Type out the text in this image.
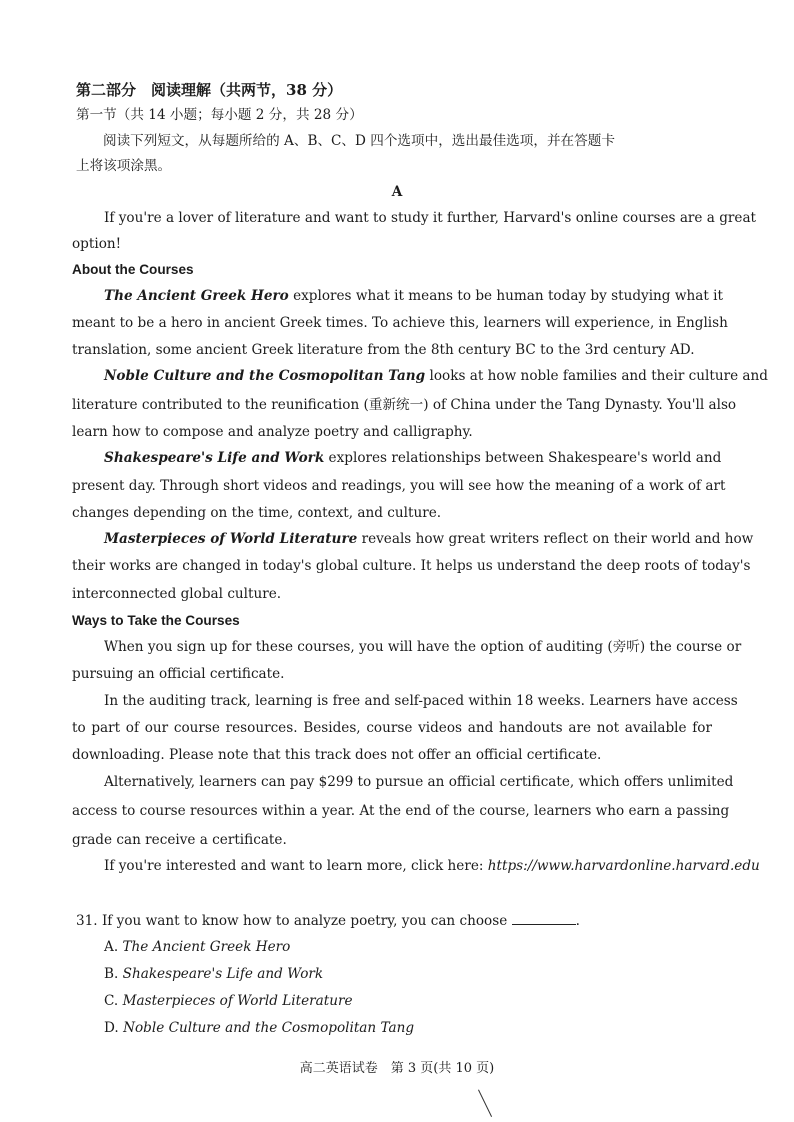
第二部分　阅读理解（共两节，38 分）
第一节（共 14 小题；每小题 2 分，共 28 分）
阅读下列短文，从每题所给的 A、B、C、D 四个选项中，选出最佳选项，并在答题卡
上将该项涂黑。
A
If you're a lover of literature and want to study it further, Harvard's online courses are a great
option!
About the Courses
The Ancient Greek Hero explores what it means to be human today by studying what it
meant to be a hero in ancient Greek times. To achieve this, learners will experience, in English
translation, some ancient Greek literature from the 8th century BC to the 3rd century AD.
Noble Culture and the Cosmopolitan Tang looks at how noble families and their culture and
literature contributed to the reunification (重新统一) of China under the Tang Dynasty. You'll also
learn how to compose and analyze poetry and calligraphy.
Shakespeare's Life and Work explores relationships between Shakespeare's world and
present day. Through short videos and readings, you will see how the meaning of a work of art
changes depending on the time, context, and culture.
Masterpieces of World Literature reveals how great writers reflect on their world and how
their works are changed in today's global culture. It helps us understand the deep roots of today's
interconnected global culture.
Ways to Take the Courses
When you sign up for these courses, you will have the option of auditing (旁听) the course or
pursuing an official certificate.
In the auditing track, learning is free and self-paced within 18 weeks. Learners have access
to part of our course resources. Besides, course videos and handouts are not available for
downloading. Please note that this track does not offer an official certificate.
Alternatively, learners can pay $299 to pursue an official certificate, which offers unlimited
access to course resources within a year. At the end of the course, learners who earn a passing
grade can receive a certificate.
If you're interested and want to learn more, click here: https://www.harvardonline.harvard.edu
31. If you want to know how to analyze poetry, you can choose	.
A. The Ancient Greek Hero
B. Shakespeare's Life and Work
C. Masterpieces of World Literature
D. Noble Culture and the Cosmopolitan Tang
高二英语试卷　第 3 页(共 10 页)
